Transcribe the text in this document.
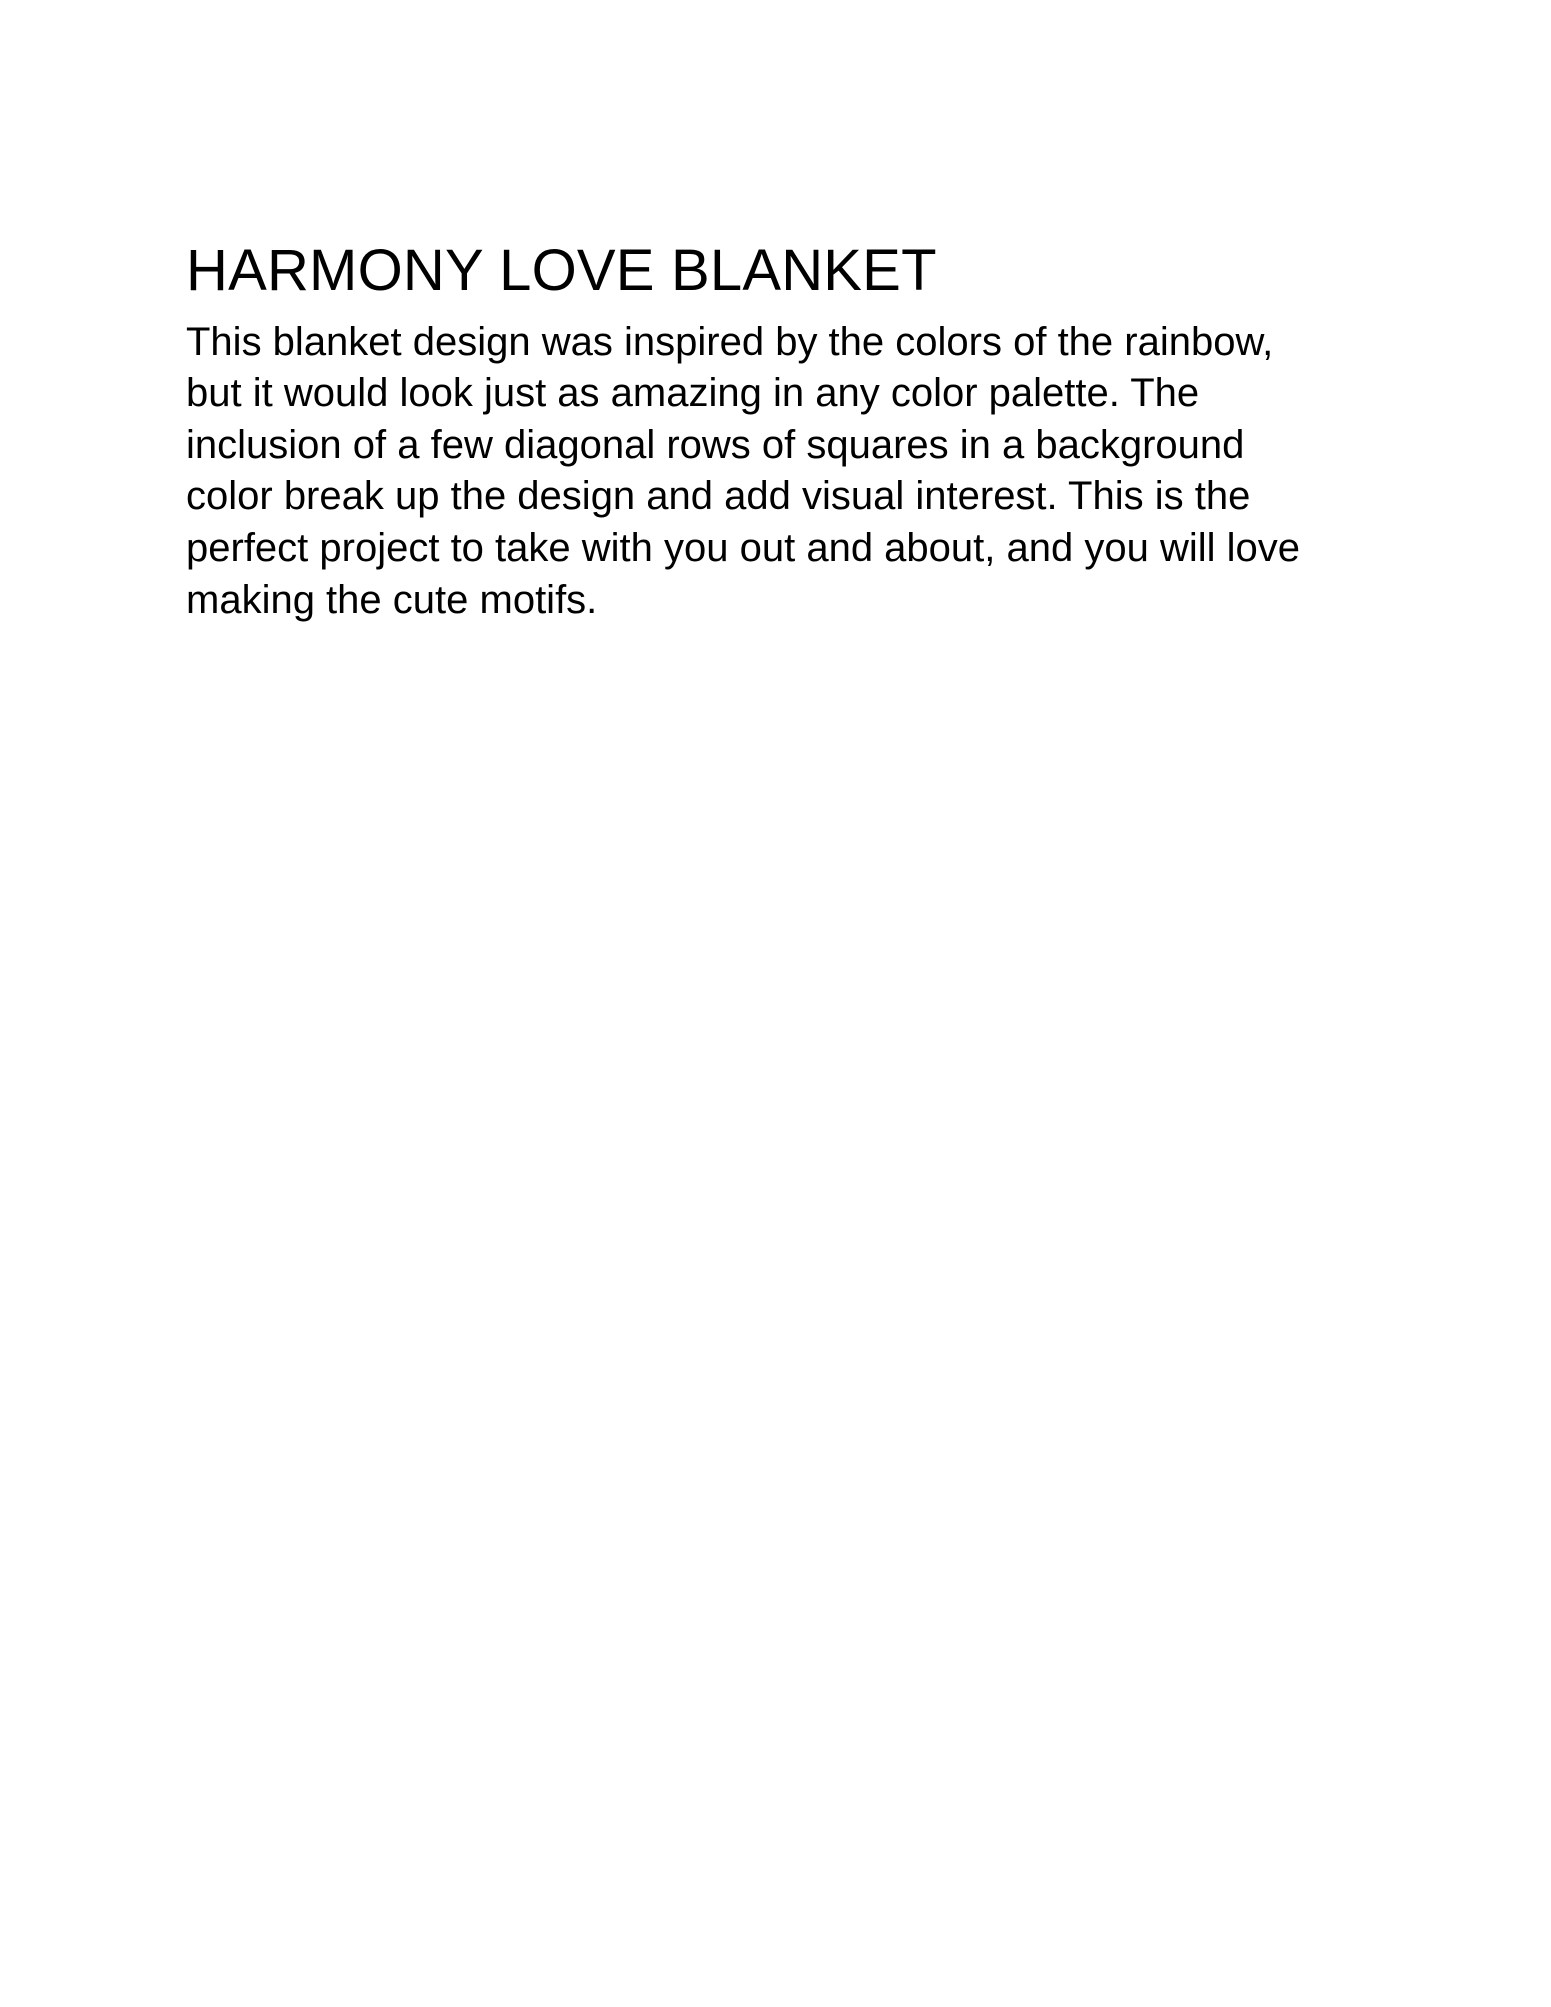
HARMONY LOVE BLANKET

This blanket design was inspired by the colors of the rainbow, but it would look just as amazing in any color palette. The inclusion of a few diagonal rows of squares in a background color break up the design and add visual interest. This is the perfect project to take with you out and about, and you will love making the cute motifs.
